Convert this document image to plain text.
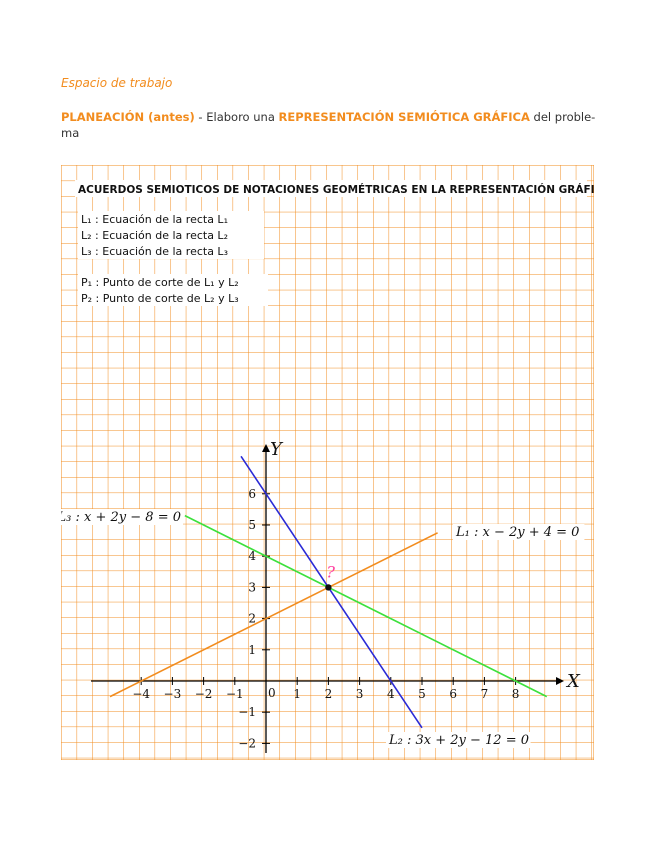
Espacio de trabajo
PLANEACIÓN (antes) - Elaboro una REPRESENTACIÓN SEMIÓTICA GRÁFICA del proble-
ma
ACUERDOS SEMIOTICOS DE NOTACIONES GEOMÉTRICAS EN LA REPRESENTACIÓN GRÁFICA
L₁ : Ecuación de la recta L₁
L₂ : Ecuación de la recta L₂
L₃ : Ecuación de la recta L₃
P₁ : Punto de corte de L₁ y L₂
P₂ : Punto de corte de L₂ y L₃
X
Y
0
−4 −3 −2 −1	1 2 3 4 5 6 7 8
6
5
4
3
2
1
−1
−2
L₁ : x − 2y + 4 = 0
L₂ : 3x + 2y − 12 = 0
L₃ : x + 2y − 8 = 0
?
